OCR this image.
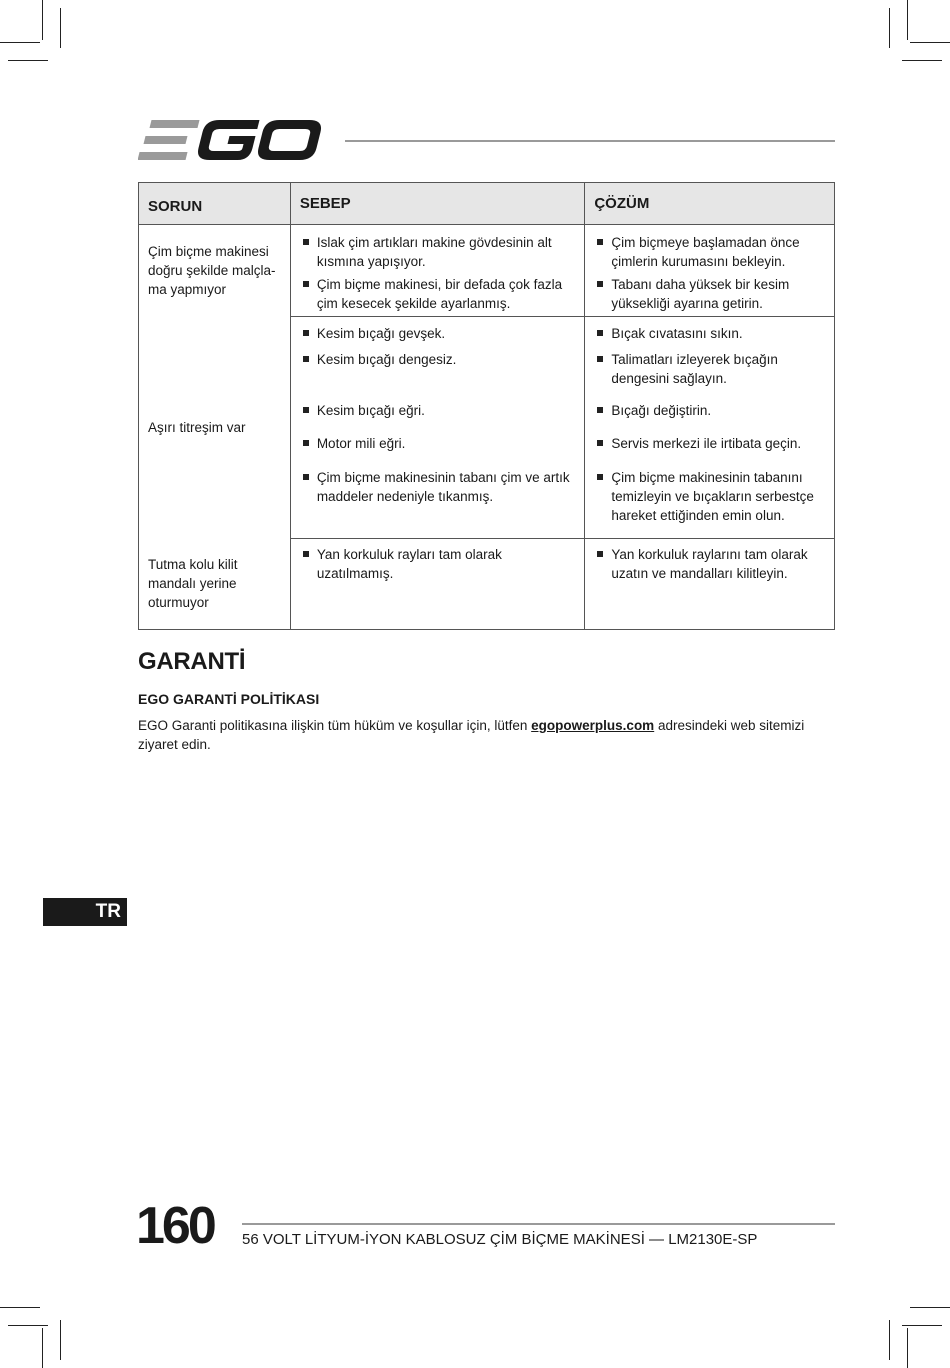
SORUN	SEBEP	ÇÖZÜM
Çim biçme makinesi doğru şekilde malçla-ma yapmıyor	Islak çim artıkları makine gövdesinin alt kısmına yapışıyor.	Çim biçmeye başlamadan önce çimlerin kurumasını bekleyin.

	Çim biçme makinesi, bir defada çok fazla çim kesecek şekilde ayarlanmış.	Tabanı daha yüksek bir kesim yüksekliği ayarına getirin.

Aşırı titreşim var	Kesim bıçağı gevşek.	Bıçak cıvatasını sıkın.

	Kesim bıçağı dengesiz.	Talimatları izleyerek bıçağın dengesini sağlayın.

	Kesim bıçağı eğri.	Bıçağı değiştirin.

	Motor mili eğri.	Servis merkezi ile irtibata geçin.

	Çim biçme makinesinin tabanı çim ve artık maddeler nedeniyle tıkanmış.	Çim biçme makinesinin tabanını temizleyin ve bıçakların serbestçe hareket ettiğinden emin olun.

Tutma kolu kilit mandalı yerine oturmuyor	Yan korkuluk rayları tam olarak uzatılmamış.	Yan korkuluk raylarını tam olarak uzatın ve mandalları kilitleyin.
GARANTİ
EGO GARANTİ POLİTİKASI
EGO Garanti politikasına ilişkin tüm hüküm ve koşullar için, lütfen egopowerplus.com adresindeki web sitemizi ziyaret edin.
TR
160 56 VOLT LİTYUM-İYON KABLOSUZ ÇİM BİÇME MAKİNESİ — LM2130E-SP
